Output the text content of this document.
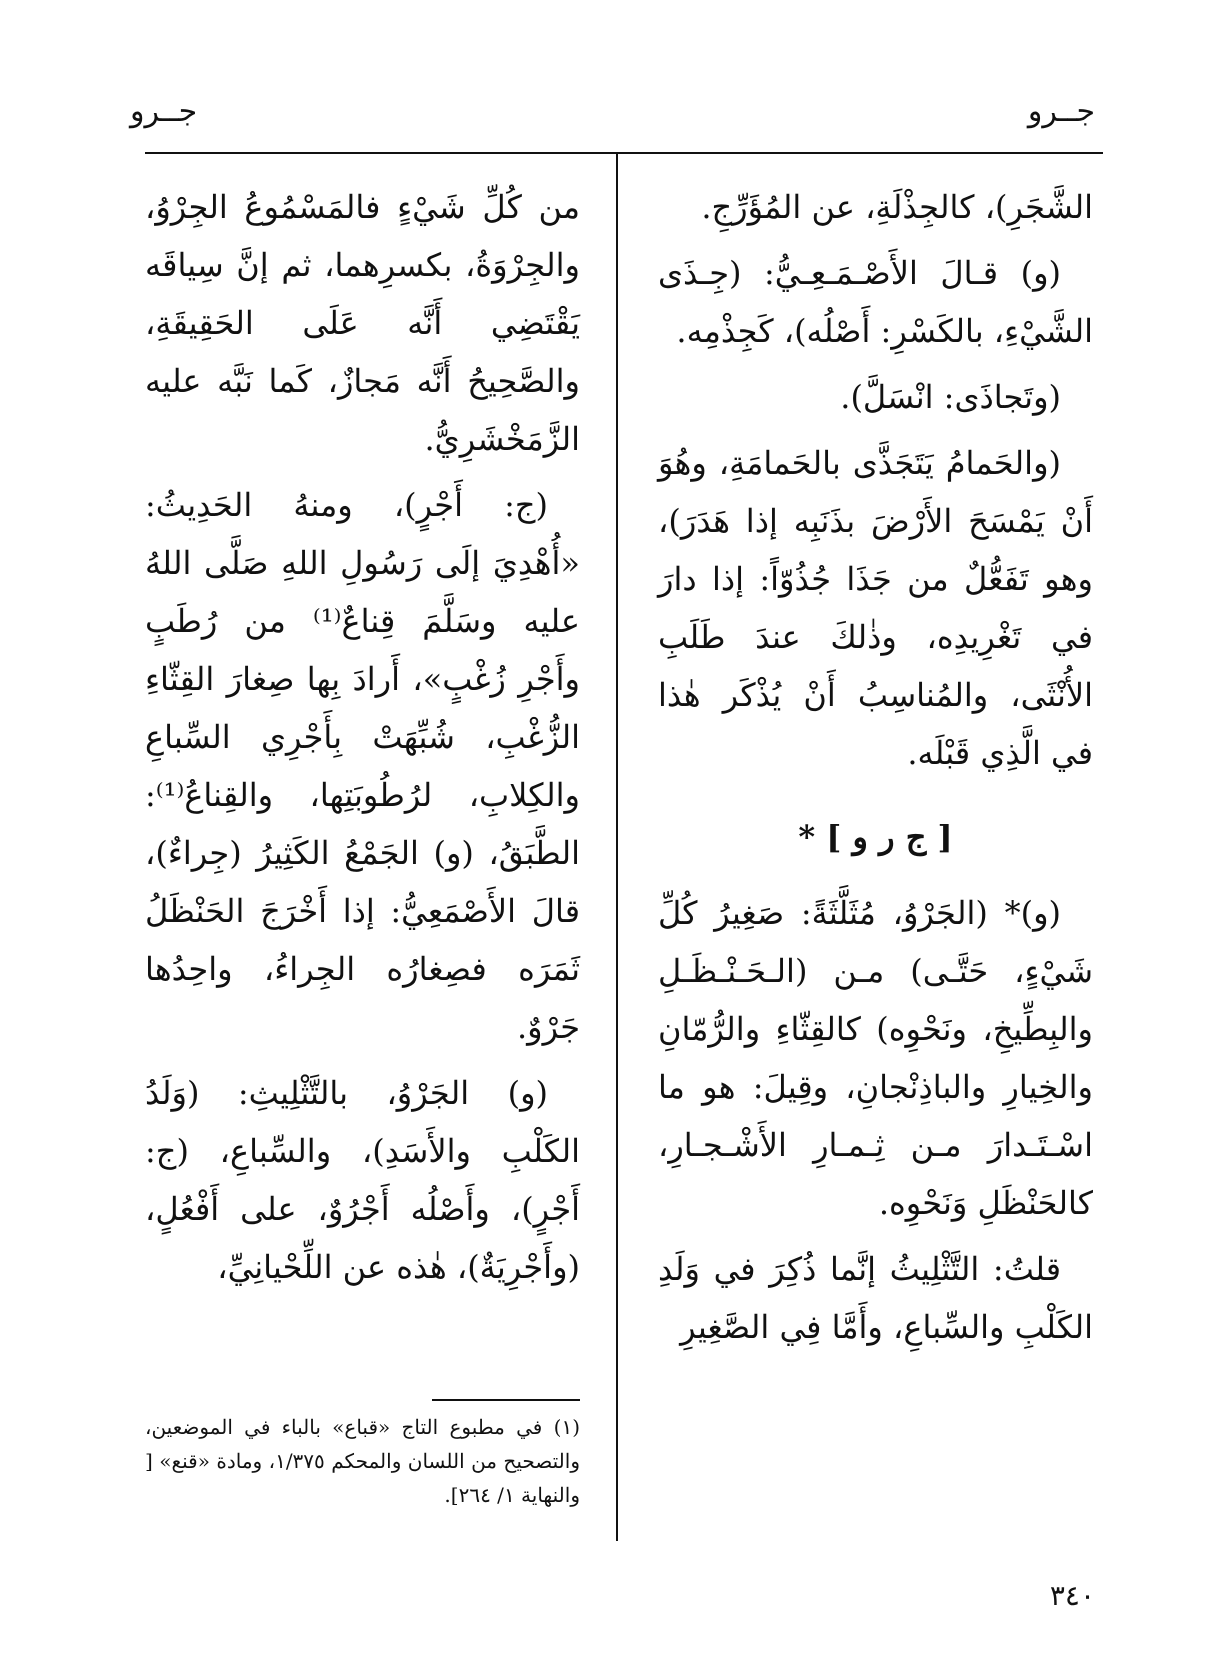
جــرو
جــرو

الشَّجَرِ)، كالجِذْلَةِ، عن المُؤَرِّجِ.

(و) قـالَ الأَصْـمَـعِـيُّ: (جِـذَى الشَّيْءِ، بالكَسْرِ: أَصْلُه)، كَجِذْمِه.

(وتَجاذَى: انْسَلَّ).

(والحَمامُ يَتَجَذَّى بالحَمامَةِ، وهُوَ أَنْ يَمْسَحَ الأَرْضَ بذَنَبِه إذا هَدَرَ)، وهو تَفَعُّلٌ من جَذَا جُذُوّاً: إذا دارَ في تَغْرِيدِه، وذٰلكَ عندَ طَلَبِ الأُنْثَى، والمُناسِبُ أَنْ يُذْكَر هٰذا في الَّذِي قَبْلَه.

[ ج ر و ] *

(و)* (الجَرْوُ، مُثَلَّثَةً: صَغِيرُ كُلِّ شَيْءٍ، حَتَّـى) مـن (الـحَـنْـظَـلِ والبِطِّيخِ، ونَحْوِه) كالقِثّاءِ والرُّمّانِ والخِيارِ والباذِنْجانِ، وقِيلَ: هو ما اسْـتَـدارَ مـن ثِـمـارِ الأَشْـجـارِ، كالحَنْظَلِ وَنَحْوِه.

قلتُ: التَّثْلِيثُ إنَّما ذُكِرَ في وَلَدِ الكَلْبِ والسِّباعِ، وأَمَّا فِي الصَّغِيرِ

من كُلِّ شَيْءٍ فالمَسْمُوعُ الجِرْوُ، والجِرْوَةُ، بكسرِهما، ثم إنَّ سِياقَه يَقْتَضِي أَنَّه عَلَى الحَقِيقَةِ، والصَّحِيحُ أَنَّه مَجازٌ، كَما نَبَّه عليه الزَّمَخْشَرِيُّ.

(ج: أَجْرٍ)، ومنهُ الحَدِيثُ: «أُهْدِيَ إلَى رَسُولِ اللهِ صَلَّى اللهُ عليه وسَلَّمَ قِناعٌ⁽¹⁾ من رُطَبٍ وأَجْرِ زُغْبٍ»، أَرادَ بِها صِغارَ القِثّاءِ الزُّغْبِ، شُبِّهَتْ بِأَجْرِي السِّباعِ والكِلابِ، لرُطُوبَتِها، والقِناعُ⁽¹⁾: الطَّبَقُ، (و) الجَمْعُ الكَثِيرُ (جِراءٌ)، قالَ الأَصْمَعِيُّ: إذا أَخْرَجَ الحَنْظَلُ ثَمَرَه فصِغارُه الجِراءُ، واحِدُها جَرْوٌ.

(و) الجَرْوُ، بالتَّثْلِيثِ: (وَلَدُ الكَلْبِ والأَسَدِ)، والسِّباعِ، (ج: أَجْرٍ)، وأَصْلُه أَجْرُوٌ، على أَفْعُلٍ، (وأَجْرِيَةٌ)، هٰذه عن اللِّحْيانِيِّ،

(١) في مطبوع التاج «قباع» بالباء في الموضعين، والتصحيح من اللسان والمحكم ١/٣٧٥، ومادة «قنع» [ والنهاية ١/ ٢٦٤].

٣٤٠
